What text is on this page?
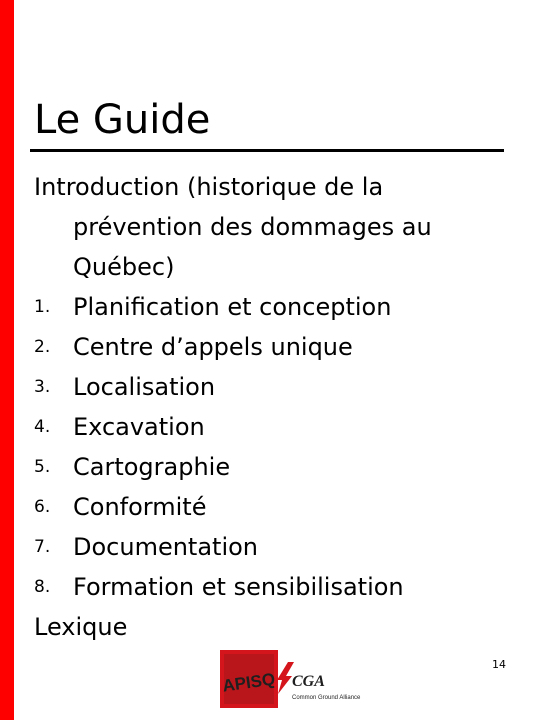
Le Guide
Introduction (historique de la prévention des dommages au Québec)
1. Planification et conception
2. Centre d’appels unique
3. Localisation
4. Excavation
5. Cartographie
6. Conformité
7. Documentation
8. Formation et sensibilisation
Lexique
APISQ CGA
Common Ground Alliance
14
